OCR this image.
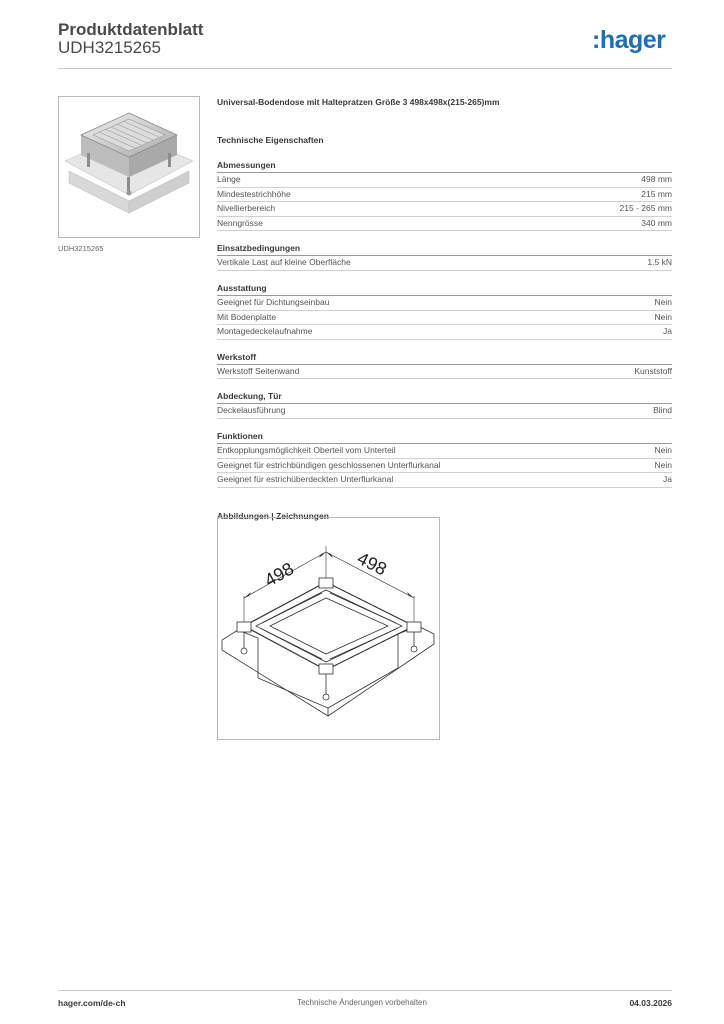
Produktdatenblatt
UDH3215265	:hager
UDH3215265
Universal-Bodendose mit Haltepratzen Größe 3 498x498x(215-265)mm
Technische Eigenschaften
Abmessungen
Länge	498 mm
Mindestestrichhöhe	215 mm
Nivellierbereich	215 - 265 mm
Nenngrösse	340 mm
Einsatzbedingungen
Vertikale Last auf kleine Oberfläche	1.5 kN
Ausstattung
Geeignet für Dichtungseinbau	Nein
Mit Bodenplatte	Nein
Montagedeckelaufnahme	Ja
Werkstoff
Werkstoff Seitenwand	Kunststoff
Abdeckung, Tür
Deckelausführung	Blind
Funktionen
Entkopplungsmöglichkeit Oberteil vom Unterteil	Nein
Geeignet für estrichbündigen geschlossenen Unterflurkanal	Nein
Geeignet für estrichüberdeckten Unterflurkanal	Ja
Abbildungen | Zeichnungen
498	498
hager.com/de-ch	Technische Änderungen vorbehalten	04.03.2026
